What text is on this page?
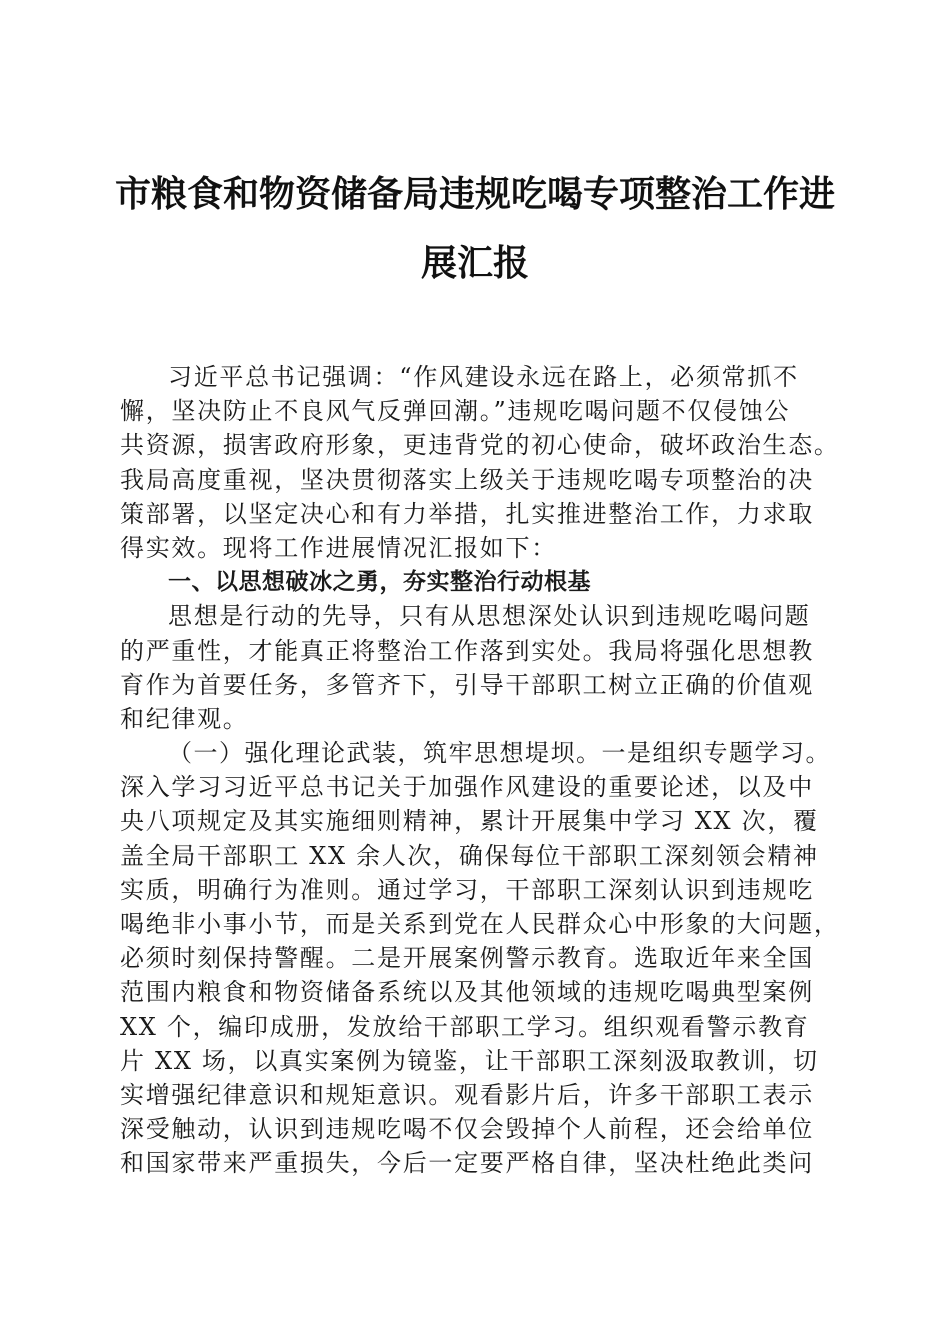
市粮食和物资储备局违规吃喝专项整治工作进
展汇报
习近平总书记强调：“作风建设永远在路上，必须常抓不
懈，坚决防止不良风气反弹回潮。”违规吃喝问题不仅侵蚀公
共资源，损害政府形象，更违背党的初心使命，破坏政治生态。
我局高度重视，坚决贯彻落实上级关于违规吃喝专项整治的决
策部署，以坚定决心和有力举措，扎实推进整治工作，力求取
得实效。现将工作进展情况汇报如下：
一、以思想破冰之勇，夯实整治行动根基
思想是行动的先导，只有从思想深处认识到违规吃喝问题
的严重性，才能真正将整治工作落到实处。我局将强化思想教
育作为首要任务，多管齐下，引导干部职工树立正确的价值观
和纪律观。
（一）强化理论武装，筑牢思想堤坝。一是组织专题学习。
深入学习习近平总书记关于加强作风建设的重要论述，以及中
央八项规定及其实施细则精神，累计开展集中学习 XX 次，覆
盖全局干部职工 XX 余人次，确保每位干部职工深刻领会精神
实质，明确行为准则。通过学习，干部职工深刻认识到违规吃
喝绝非小事小节，而是关系到党在人民群众心中形象的大问题，
必须时刻保持警醒。二是开展案例警示教育。选取近年来全国
范围内粮食和物资储备系统以及其他领域的违规吃喝典型案例
XX 个，编印成册，发放给干部职工学习。组织观看警示教育
片 XX 场，以真实案例为镜鉴，让干部职工深刻汲取教训，切
实增强纪律意识和规矩意识。观看影片后，许多干部职工表示
深受触动，认识到违规吃喝不仅会毁掉个人前程，还会给单位
和国家带来严重损失，今后一定要严格自律，坚决杜绝此类问
